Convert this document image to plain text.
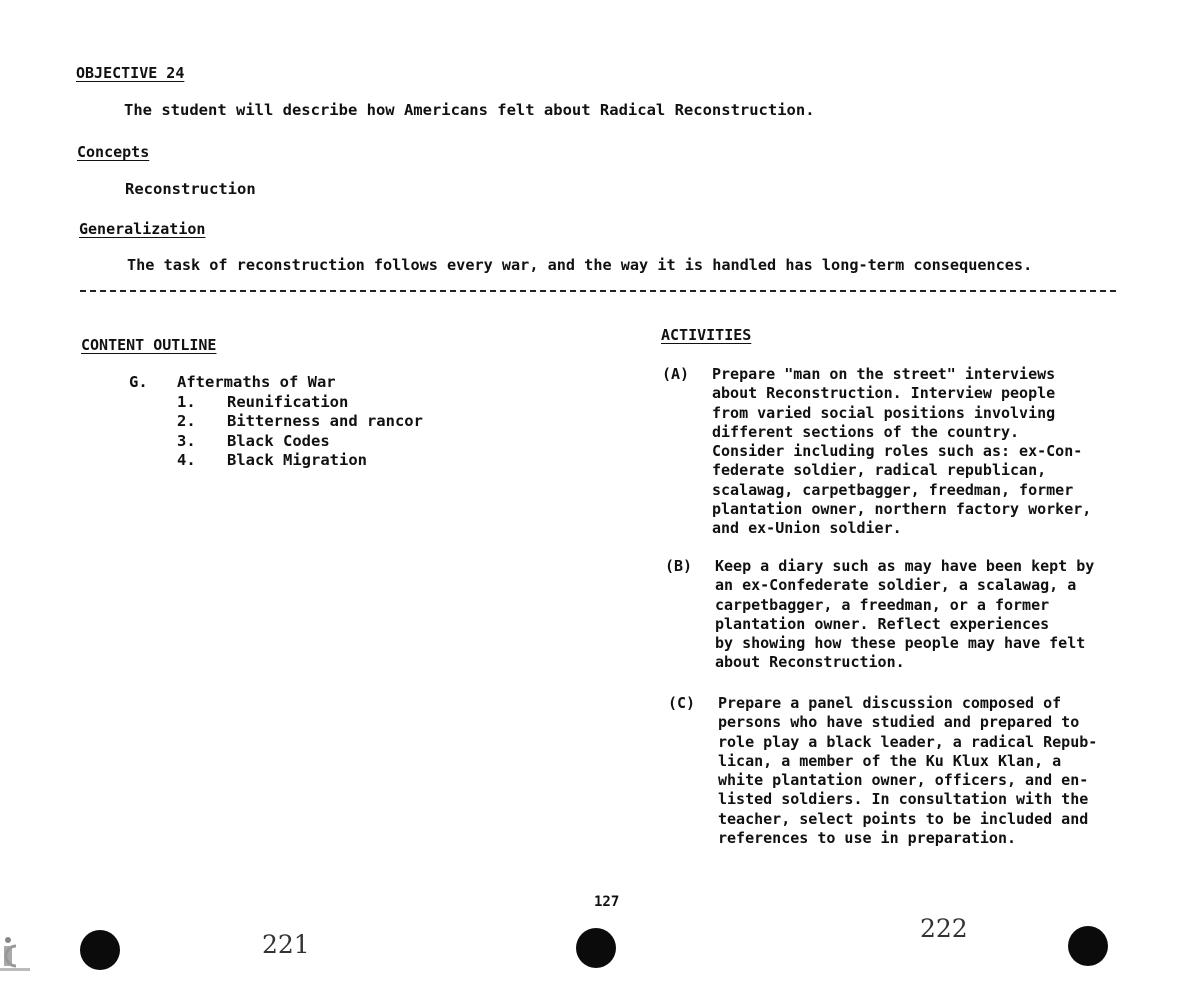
OBJECTIVE 24
The student will describe how Americans felt about Radical Reconstruction.
Concepts
Reconstruction
Generalization
The task of reconstruction follows every war, and the way it is handled has long-term consequences.
CONTENT OUTLINE
G.	Aftermaths of War
1.	Reunification
2.	Bitterness and rancor
3.	Black Codes
4.	Black Migration
ACTIVITIES
(A) Prepare "man on the street" interviews
about Reconstruction. Interview people
from varied social positions involving
different sections of the country.
Consider including roles such as: ex-Con-
federate soldier, radical republican,
scalawag, carpetbagger, freedman, former
plantation owner, northern factory worker,
and ex-Union soldier.
(B) Keep a diary such as may have been kept by
an ex-Confederate soldier, a scalawag, a
carpetbagger, a freedman, or a former
plantation owner. Reflect experiences
by showing how these people may have felt
about Reconstruction.
(C) Prepare a panel discussion composed of
persons who have studied and prepared to
role play a black leader, a radical Repub-
lican, a member of the Ku Klux Klan, a
white plantation owner, officers, and en-
listed soldiers. In consultation with the
teacher, select points to be included and
references to use in preparation.
127
221
222
